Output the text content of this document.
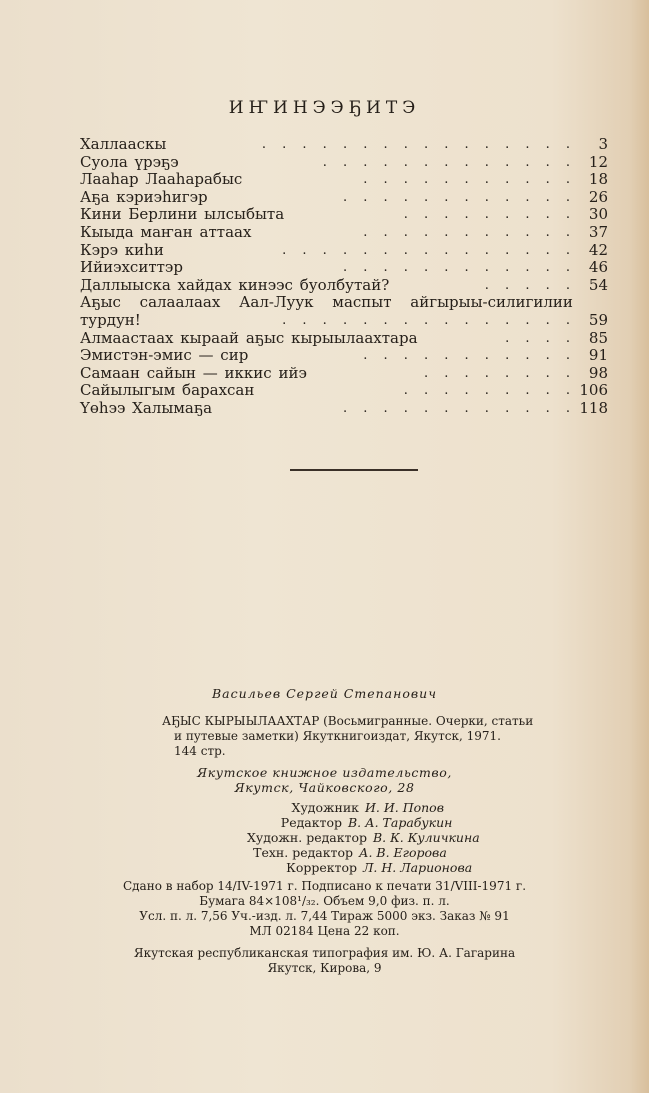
ИҤИНЭЭҔИТЭ
Халлааскы	. . . . . . . . . . . . . . . .	3
Суола үрэҕэ	. . . . . . . . . . . . . 12
Лааһар Лааһарабыс	. . . . . . . . . . . 18
Аҕа кэриэһигэр	. . . . . . . . . . . . 26
Кини Берлини ылсыбыта	. . . . . . . . . 30
Кыыда маҥан аттаах	. . . . . . . . . . . 37
Кэрэ киһи	. . . . . . . . . . . . . . . 42
Ийиэхситтэр	. . . . . . . . . . . . 46
Даллыыска хайдах кинээс буолбутай?	. . . . . 54
Аҕыс салаалаах Аал-Луук маспыт айгырыы-силигилии
турдун!	. . . . . . . . . . . . . . . 59
Алмаастаах кыраай аҕыс кырыылаахтара	. . . . 85
Эмистэн-эмис — сир	. . . . . . . . . . . 91
Самаан сайын — иккис ийэ	. . . . . . . . 98
Сайылыгым барахсан	. . . . . . . . . 106
Үөһээ Халымаҕа	. . . . . . . . . . . . 118
Васильев Сергей Степанович
АҔЫС КЫРЫЫЛААХТАР (Восьмигранные. Очерки, статьи
и путевые заметки) Якуткнигоиздат, Якутск, 1971.
144 стр.
Якутское книжное издательство,
Якутск, Чайковского, 28
Художник И. И. Попов
Редактор В. А. Тарабукин
Художн. редактор В. К. Куличкина
Техн. редактор А. В. Егорова
Корректор Л. Н. Ларионова
Сдано в набор 14/IV-1971 г. Подписано к печати 31/VIII-1971 г.
Бумага 84×108¹/₃₂. Объем 9,0 физ. п. л.
Усл. п. л. 7,56 Уч.-изд. л. 7,44 Тираж 5000 экз. Заказ № 91
МЛ 02184 Цена 22 коп.
Якутская республиканская типография им. Ю. А. Гагарина
Якутск, Кирова, 9
